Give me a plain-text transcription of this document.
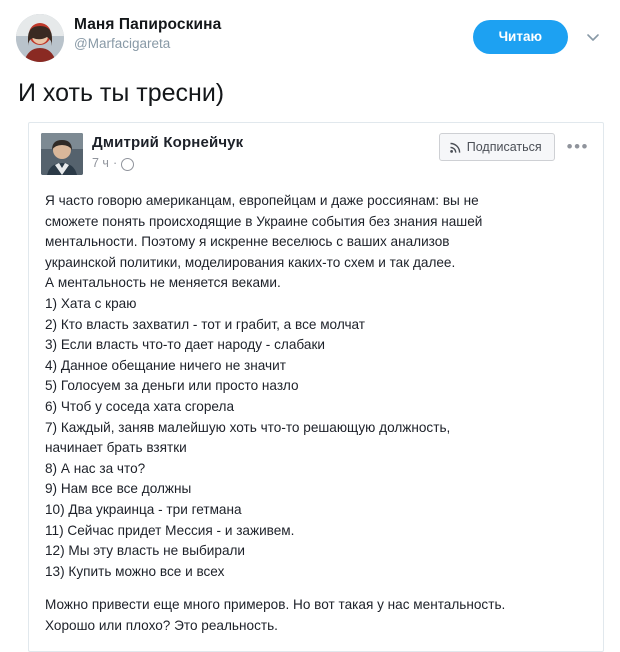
Маня Папироскина
@Marfacigareta	Читаю
И хоть ты тресни)
Дмитрий Корнейчук
7 ч ·
Подписаться •••
Я часто говорю американцам, европейцам и даже россиянам: вы не
сможете понять происходящие в Украине события без знания нашей
ментальности. Поэтому я искренне веселюсь с ваших анализов
украинской политики, моделирования каких-то схем и так далее.
А ментальность не меняется веками.
1) Хата с краю
2) Кто власть захватил - тот и грабит, а все молчат
3) Если власть что-то дает народу - слабаки
4) Данное обещание ничего не значит
5) Голосуем за деньги или просто назло
6) Чтоб у соседа хата сгорела
7) Каждый, заняв малейшую хоть что-то решающую должность,
начинает брать взятки
8) А нас за что?
9) Нам все все должны
10) Два украинца - три гетмана
11) Сейчас придет Мессия - и заживем.
12) Мы эту власть не выбирали
13) Купить можно все и всех
Можно привести еще много примеров. Но вот такая у нас ментальность.
Хорошо или плохо? Это реальность.
